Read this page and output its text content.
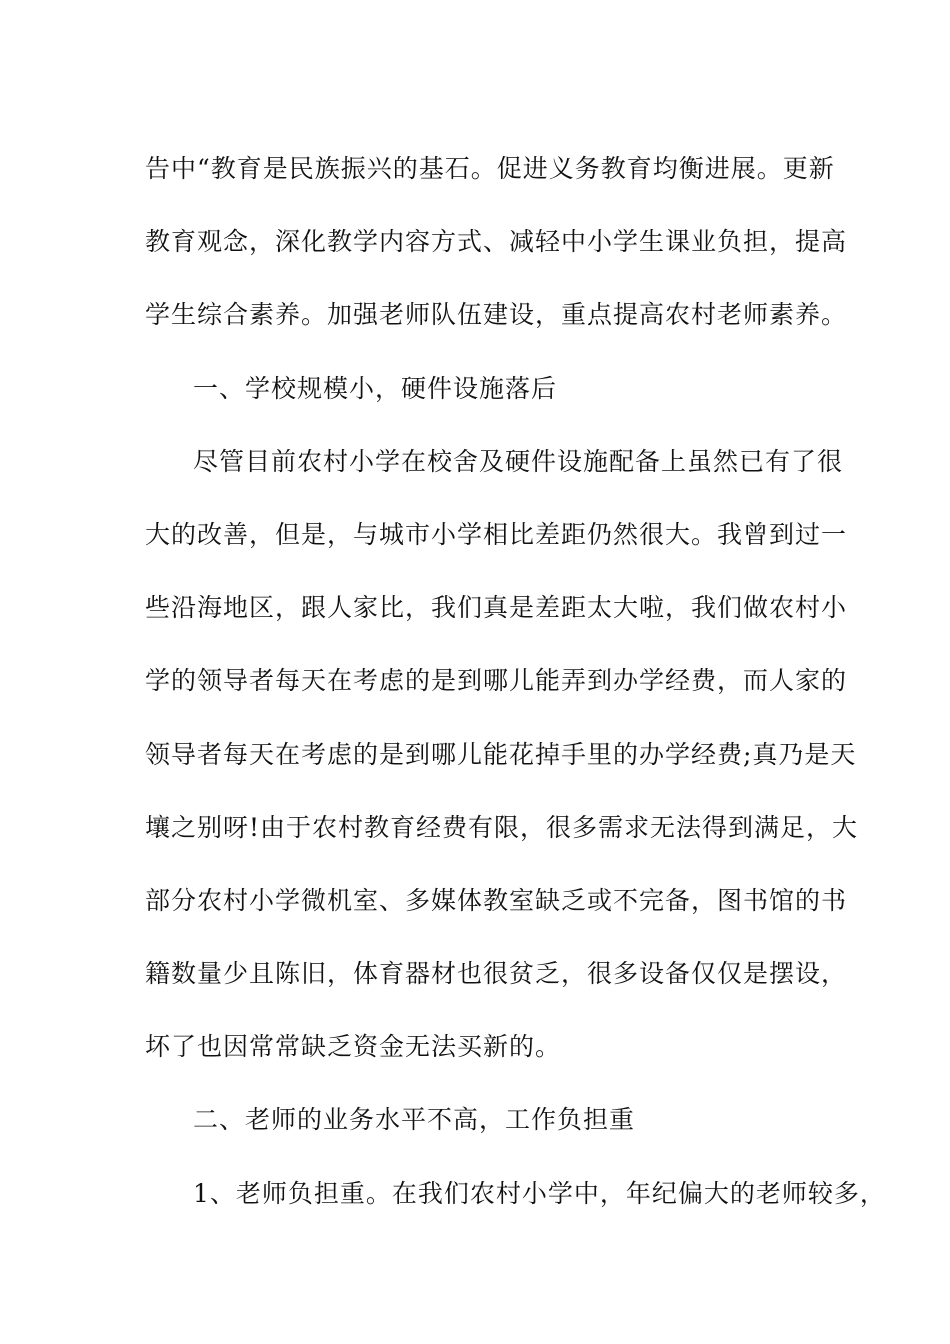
告中“教育是民族振兴的基石。促进义务教育均衡进展。更新
教育观念，深化教学内容方式、减轻中小学生课业负担，提高
学生综合素养。加强老师队伍建设，重点提高农村老师素养。
一、学校规模小，硬件设施落后
尽管目前农村小学在校舍及硬件设施配备上虽然已有了很
大的改善，但是，与城市小学相比差距仍然很大。我曾到过一
些沿海地区，跟人家比，我们真是差距太大啦，我们做农村小
学的领导者每天在考虑的是到哪儿能弄到办学经费，而人家的
领导者每天在考虑的是到哪儿能花掉手里的办学经费;真乃是天
壤之别呀!由于农村教育经费有限，很多需求无法得到满足，大
部分农村小学微机室、多媒体教室缺乏或不完备，图书馆的书
籍数量少且陈旧，体育器材也很贫乏，很多设备仅仅是摆设，
坏了也因常常缺乏资金无法买新的。
二、老师的业务水平不高，工作负担重
1、老师负担重。在我们农村小学中，年纪偏大的老师较多，
